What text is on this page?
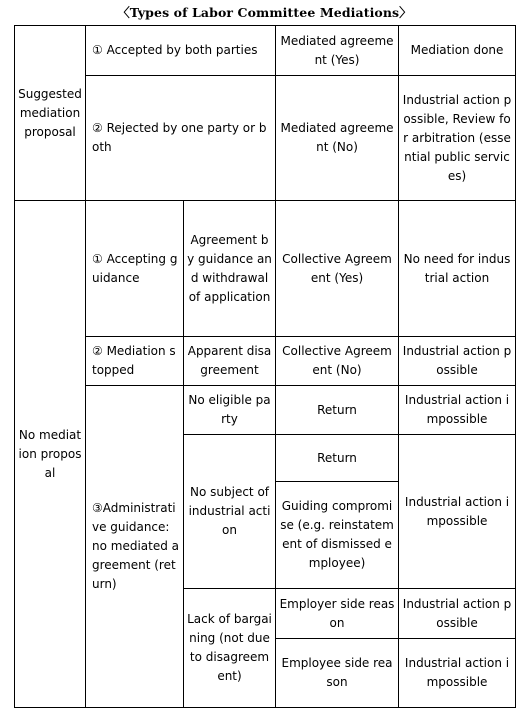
〈Types of Labor Committee Mediations〉
Suggested mediation proposal	① Accepted by both parties		Mediated agreement (Yes)	Mediation done
	② Rejected by one party or both		Mediated agreement (No)	Industrial action possible, Review for arbitration (essential public services)
No mediation proposal	① Accepting guidance	Agreement by guidance and withdrawal of application	Collective Agreement (Yes)	No need for industrial action
	② Mediation stopped	Apparent disagreement	Collective Agreement (No)	Industrial action possible
	③Administrative guidance: no mediated agreement (return)	No eligible party	Return	Industrial action impossible
		No subject of industrial action	Return	Industrial action impossible
			Guiding compromise (e.g. reinstatement of dismissed employee)	
		Lack of bargaining (not due to disagreement)	Employer side reason	Industrial action possible
			Employee side reason	Industrial action impossible
